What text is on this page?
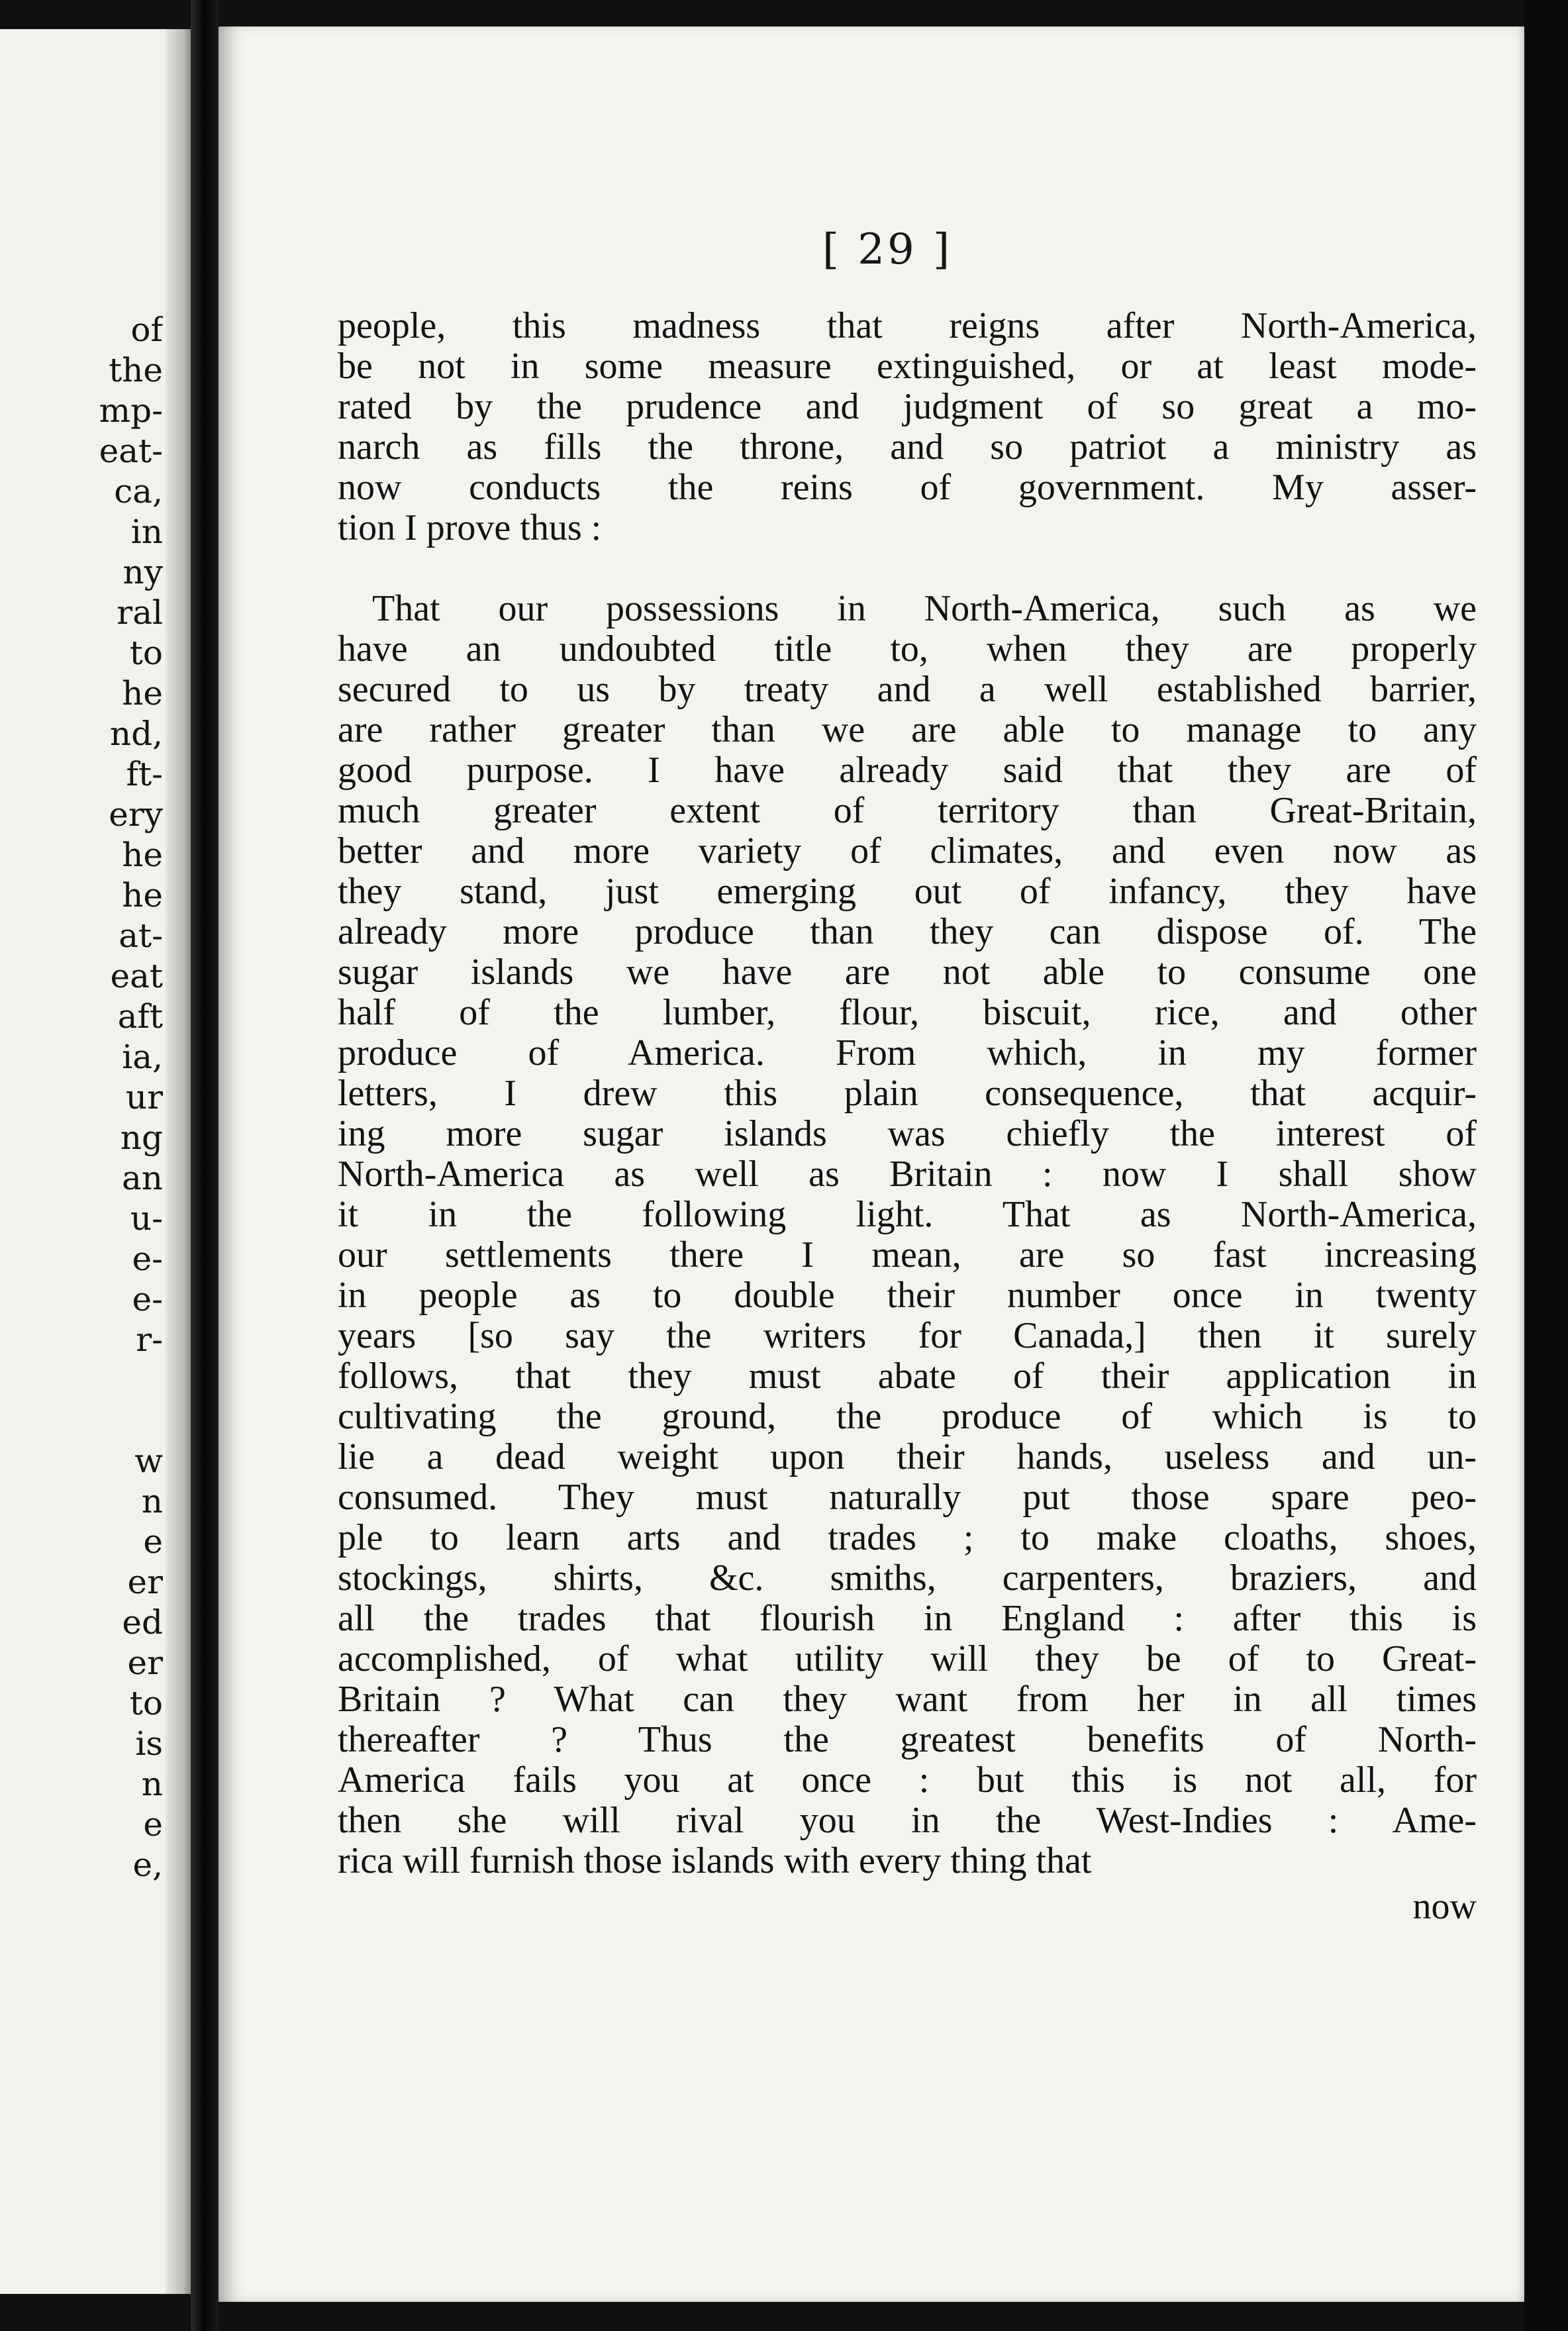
of
the
mp-
eat-
ca,
in
ny
ral
to
he
nd,
ft-
ery
he
he
at-
eat
aft
ia,
ur
ng
an
u-
e-
e-
r-
w
n
e
er
ed
er
to
is
n
e
e,
[ 29 ]
people, this madness that reigns after North-America,
be not in some measure extinguished, or at least mode-
rated by the prudence and judgment of so great a mo-
narch as fills the throne, and so patriot a ministry as
now conducts the reins of government. My asser-
tion I prove thus :
That our possessions in North-America, such as we
have an undoubted title to, when they are properly
secured to us by treaty and a well established barrier,
are rather greater than we are able to manage to any
good purpose. I have already said that they are of
much greater extent of territory than Great-Britain,
better and more variety of climates, and even now as
they stand, just emerging out of infancy, they have
already more produce than they can dispose of. The
sugar islands we have are not able to consume one
half of the lumber, flour, biscuit, rice, and other
produce of America. From which, in my former
letters, I drew this plain consequence, that acquir-
ing more sugar islands was chiefly the interest of
North-America as well as Britain : now I shall show
it in the following light. That as North-America,
our settlements there I mean, are so fast increasing
in people as to double their number once in twenty
years [so say the writers for Canada,] then it surely
follows, that they must abate of their application in
cultivating the ground, the produce of which is to
lie a dead weight upon their hands, useless and un-
consumed. They must naturally put those spare peo-
ple to learn arts and trades ; to make cloaths, shoes,
stockings, shirts, &c. smiths, carpenters, braziers, and
all the trades that flourish in England : after this is
accomplished, of what utility will they be of to Great-
Britain ? What can they want from her in all times
thereafter ? Thus the greatest benefits of North-
America fails you at once : but this is not all, for
then she will rival you in the West-Indies : Ame-
rica will furnish those islands with every thing that
now
